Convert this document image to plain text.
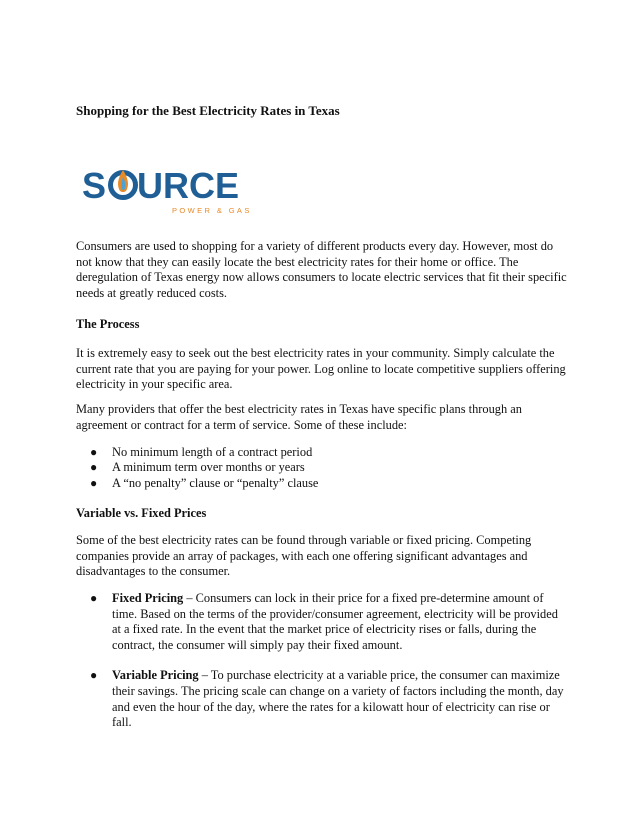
Shopping for the Best Electricity Rates in Texas
S URCE
POWER & GAS

Consumers are used to shopping for a variety of different products every day. However, most do not know that they can easily locate the best electricity rates for their home or office. The deregulation of Texas energy now allows consumers to locate electric services that fit their specific needs at greatly reduced costs.

The Process

It is extremely easy to seek out the best electricity rates in your community. Simply calculate the current rate that you are paying for your power. Log online to locate competitive suppliers offering electricity in your specific area.

Many providers that offer the best electricity rates in Texas have specific plans through an agreement or contract for a term of service. Some of these include:

● No minimum length of a contract period
● A minimum term over months or years
● A “no penalty” clause or “penalty” clause

Variable vs. Fixed Prices

Some of the best electricity rates can be found through variable or fixed pricing. Competing companies provide an array of packages, with each one offering significant advantages and disadvantages to the consumer.

● Fixed Pricing – Consumers can lock in their price for a fixed pre-determine amount of time. Based on the terms of the provider/consumer agreement, electricity will be provided at a fixed rate. In the event that the market price of electricity rises or falls, during the contract, the consumer will simply pay their fixed amount.
● Variable Pricing – To purchase electricity at a variable price, the consumer can maximize their savings. The pricing scale can change on a variety of factors including the month, day and even the hour of the day, where the rates for a kilowatt hour of electricity can rise or fall.
